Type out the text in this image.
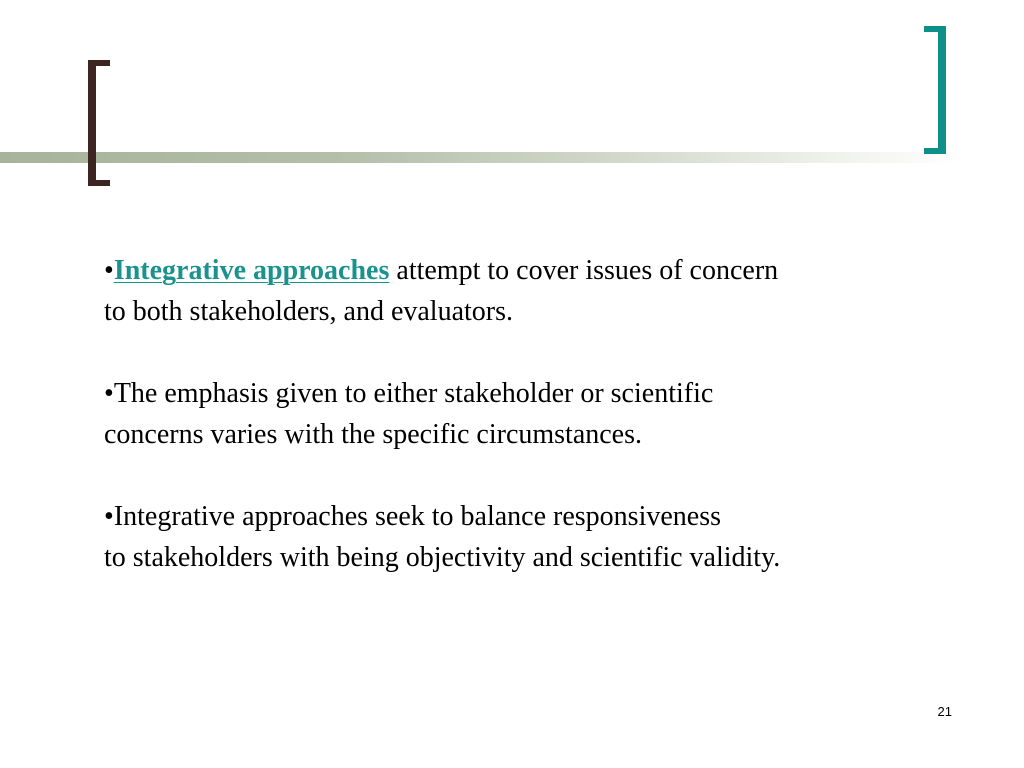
•Integrative approaches attempt to cover issues of concern
to both stakeholders, and evaluators.

•The emphasis given to either stakeholder or scientific
concerns varies with the specific circumstances.

•Integrative approaches seek to balance responsiveness
to stakeholders with being objectivity and scientific validity.

21
